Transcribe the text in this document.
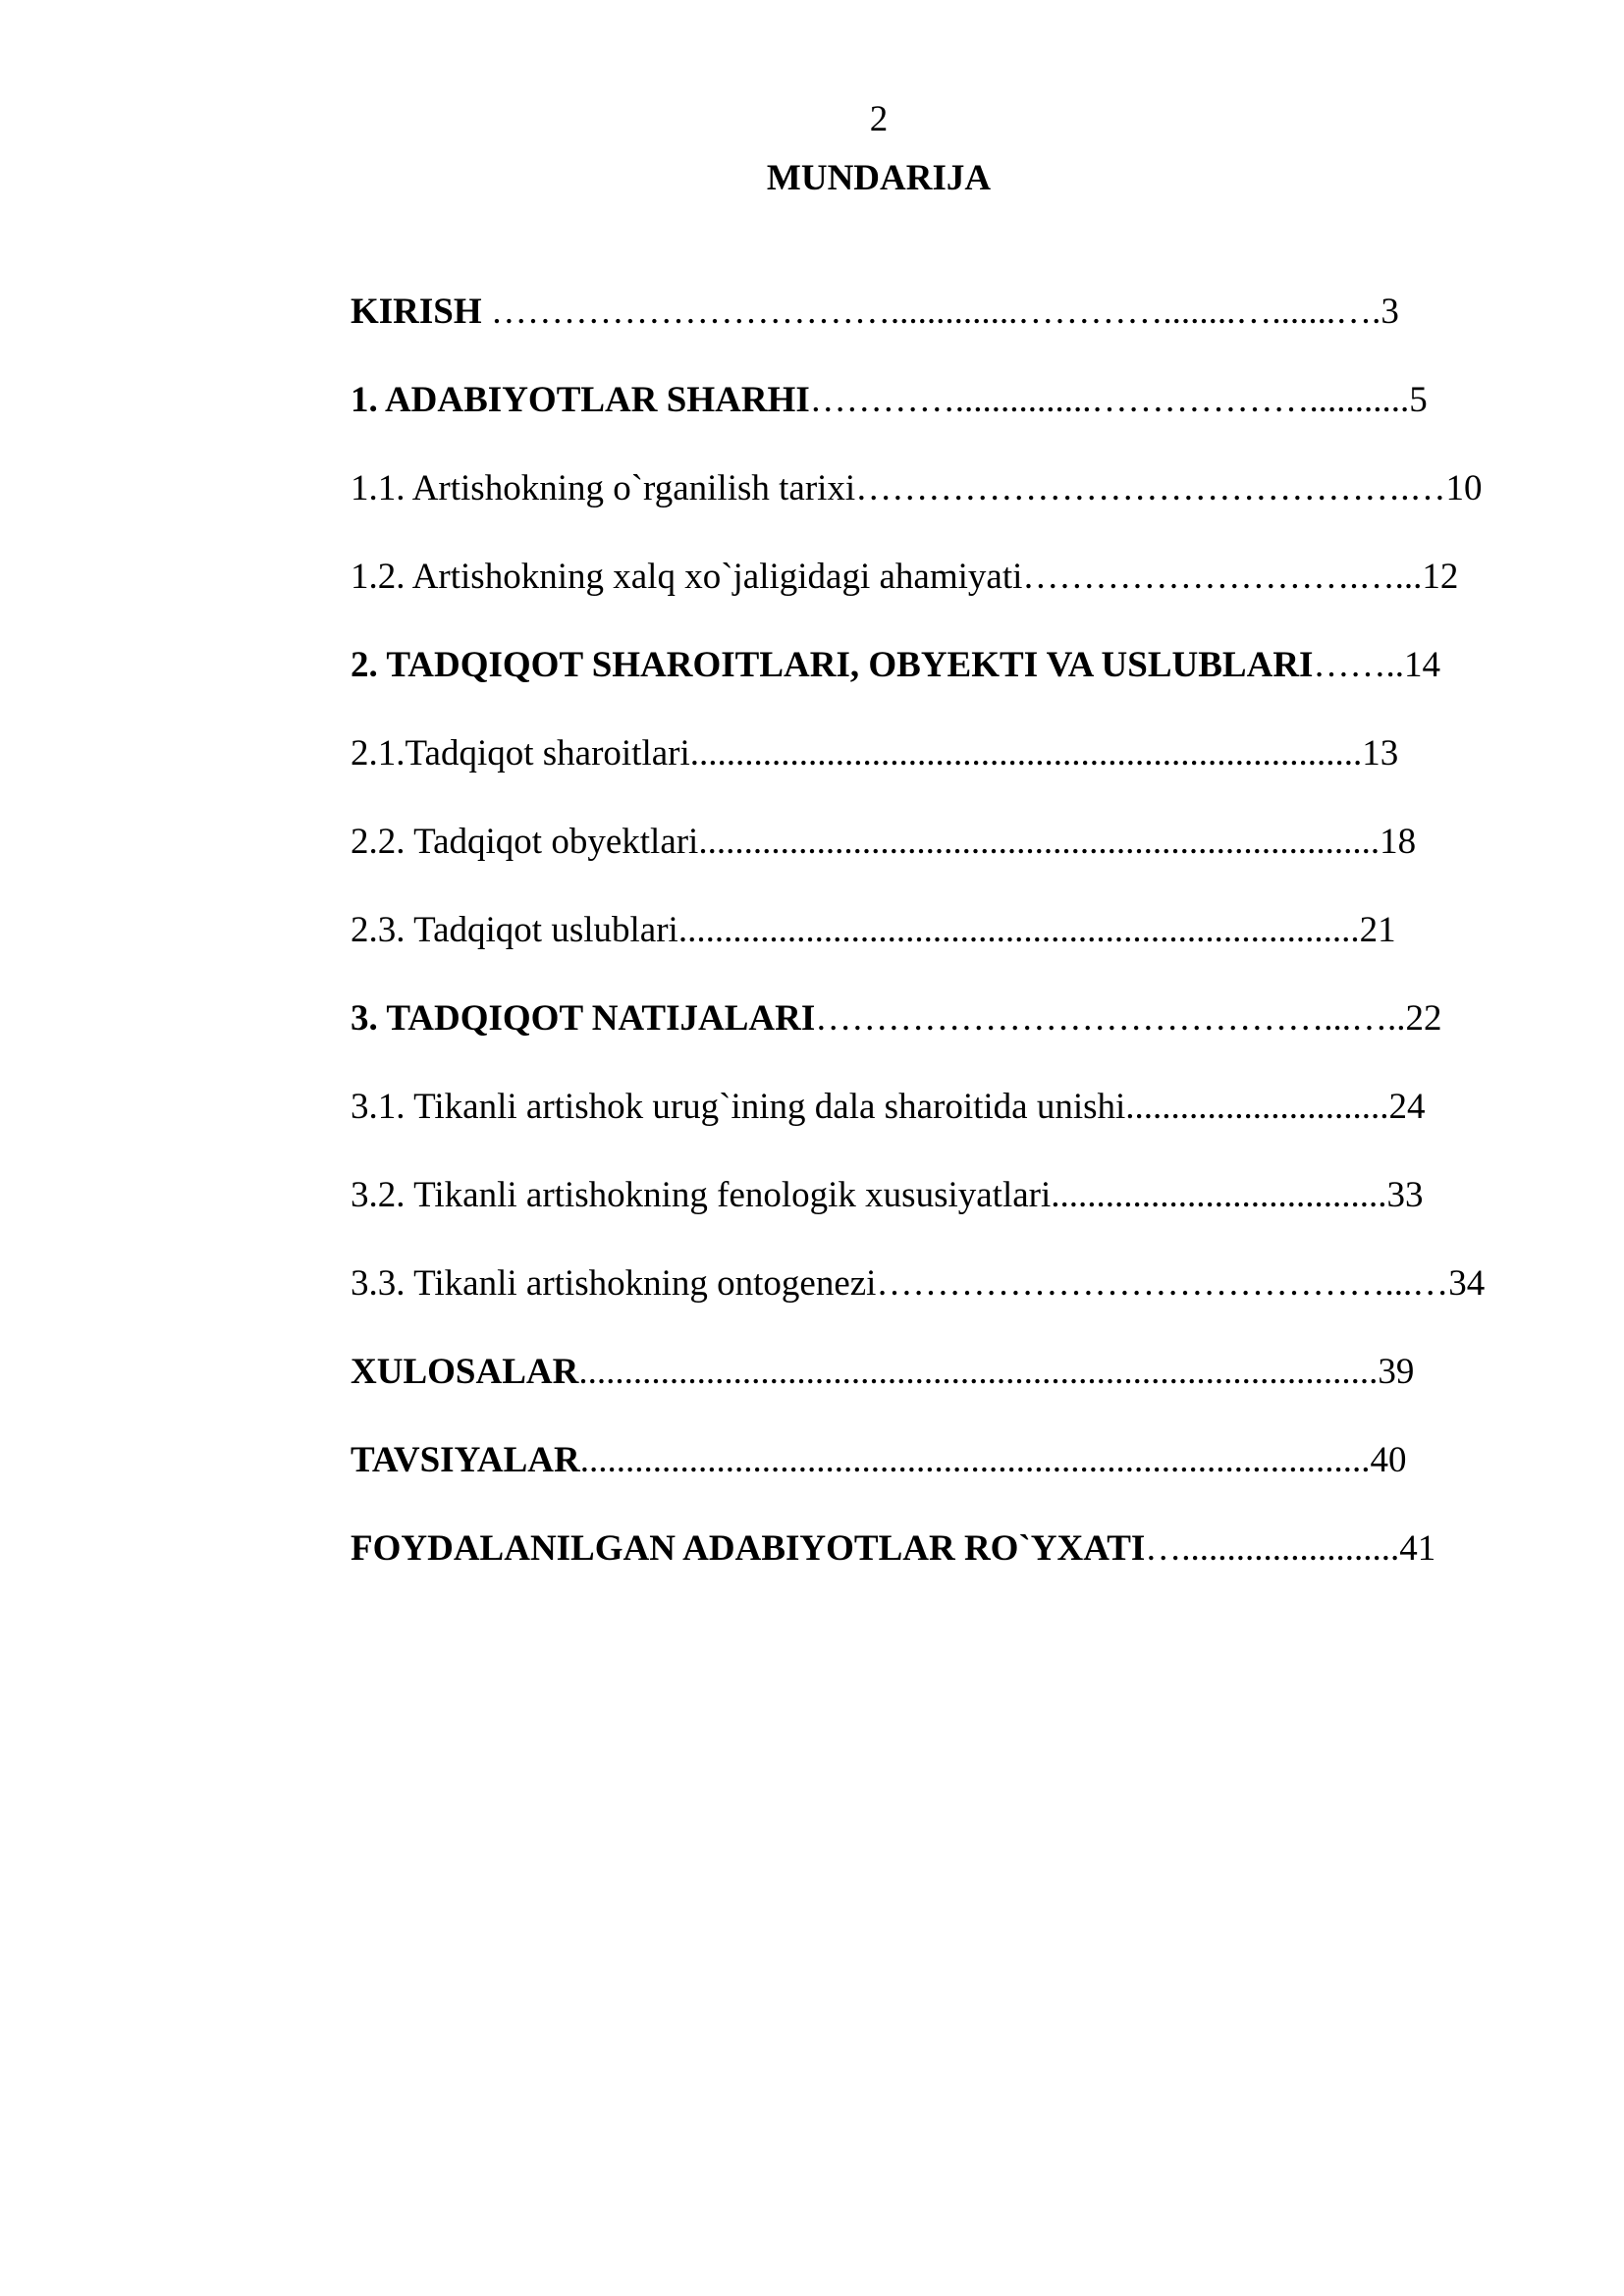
2
MUNDARIJA
KIRISH ……………………………..............…………........….......….3
1. ADABIYOTLAR SHARHI…………...............………………...........5
1.1. Artishokning o`rganilish tarixi……………………………………….…10
1.2. Artishokning xalq xo`jaligidagi ahamiyati……………………….…...12
2. TADQIQOT SHAROITLARI, OBYEKTI VA USLUBLARI……..14
2.1.Tadqiqot sharoitlari..........................................................................13
2.2. Tadqiqot obyektlari...........................................................................18
2.3. Tadqiqot uslublari...........................................................................21
3. TADQIQOT NATIJALARI……………………………………...…..22
3.1. Tikanli artishok urug`ining dala sharoitida unishi.............................24
3.2. Tikanli artishokning fenologik xususiyatlari.....................................33
3.3. Tikanli artishokning ontogenezi……………………………………...…34
XULOSALAR........................................................................................39
TAVSIYALAR.......................................................................................40
FOYDALANILGAN ADABIYOTLAR RO`YXATI…........................41
